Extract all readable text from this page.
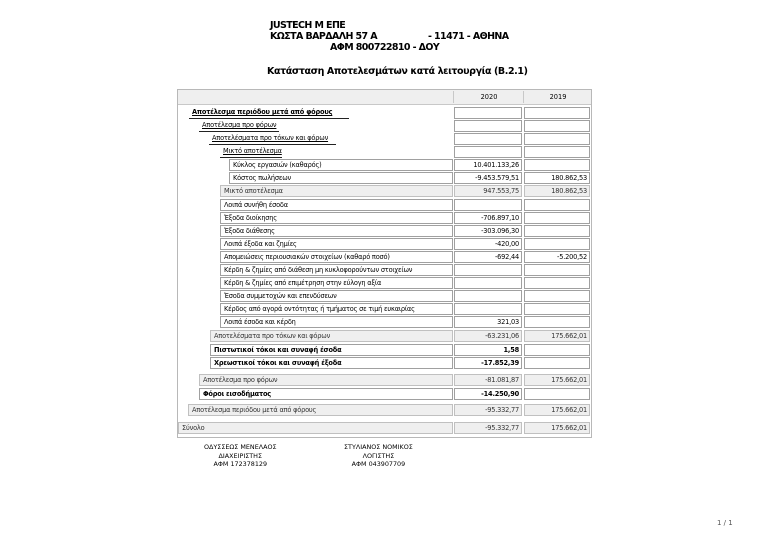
JUSTECH Μ ΕΠΕ
ΚΩΣΤΑ ΒΑΡΔΑΛΗ 57 Α	- 11471 - ΑΘΗΝΑ
ΑΦΜ 800722810 - ΔΟΥ
Κατάσταση Αποτελεσμάτων κατά λειτουργία (Β.2.1)
2020	2019
Αποτέλεσμα περιόδου μετά από φόρους
Αποτέλεσμα προ φόρων
Αποτελέσματα προ τόκων και φόρων
Μικτό αποτέλεσμα
Κύκλος εργασιών (καθαρός)	10.401.133,26
Κόστος πωλήσεων	-9.453.579,51	180.862,53
Μικτό αποτέλεσμα	947.553,75	180.862,53
Λοιπά συνήθη έσοδα
Έξοδα διοίκησης	-706.897,10
Έξοδα διάθεσης	-303.096,30
Λοιπά έξοδα και ζημίες	-420,00
Απομειώσεις περιουσιακών στοιχείων (καθαρό ποσό)	-692,44	-5.200,52
Κέρδη & ζημίες από διάθεση μη κυκλοφορούντων στοιχείων
Κέρδη & ζημίες από επιμέτρηση στην εύλογη αξία
Έσοδα συμμετοχών και επενδύσεων
Κέρδος από αγορά οντότητας ή τμήματος σε τιμή ευκαιρίας
Λοιπά έσοδα και κέρδη	321,03
Αποτελέσματα προ τόκων και φόρων	-63.231,06	175.662,01
Πιστωτικοί τόκοι και συναφή έσοδα	1,58
Χρεωστικοί τόκοι και συναφή έξοδα	-17.852,39
Αποτέλεσμα προ φόρων	-81.081,87	175.662,01
Φόροι εισοδήματος	-14.250,90
Αποτέλεσμα περιόδου μετά από φόρους	-95.332,77	175.662,01
Σύνολο	-95.332,77	175.662,01
ΟΔΥΣΣΕΩΣ ΜΕΝΕΛΑΟΣ
ΔΙΑΧΕΙΡΙΣΤΗΣ
ΑΦΜ 172378129
ΣΤΥΛΙΑΝΟΣ ΝΟΜΙΚΟΣ
ΛΟΓΙΣΤΗΣ
ΑΦΜ 043907709
1 / 1
